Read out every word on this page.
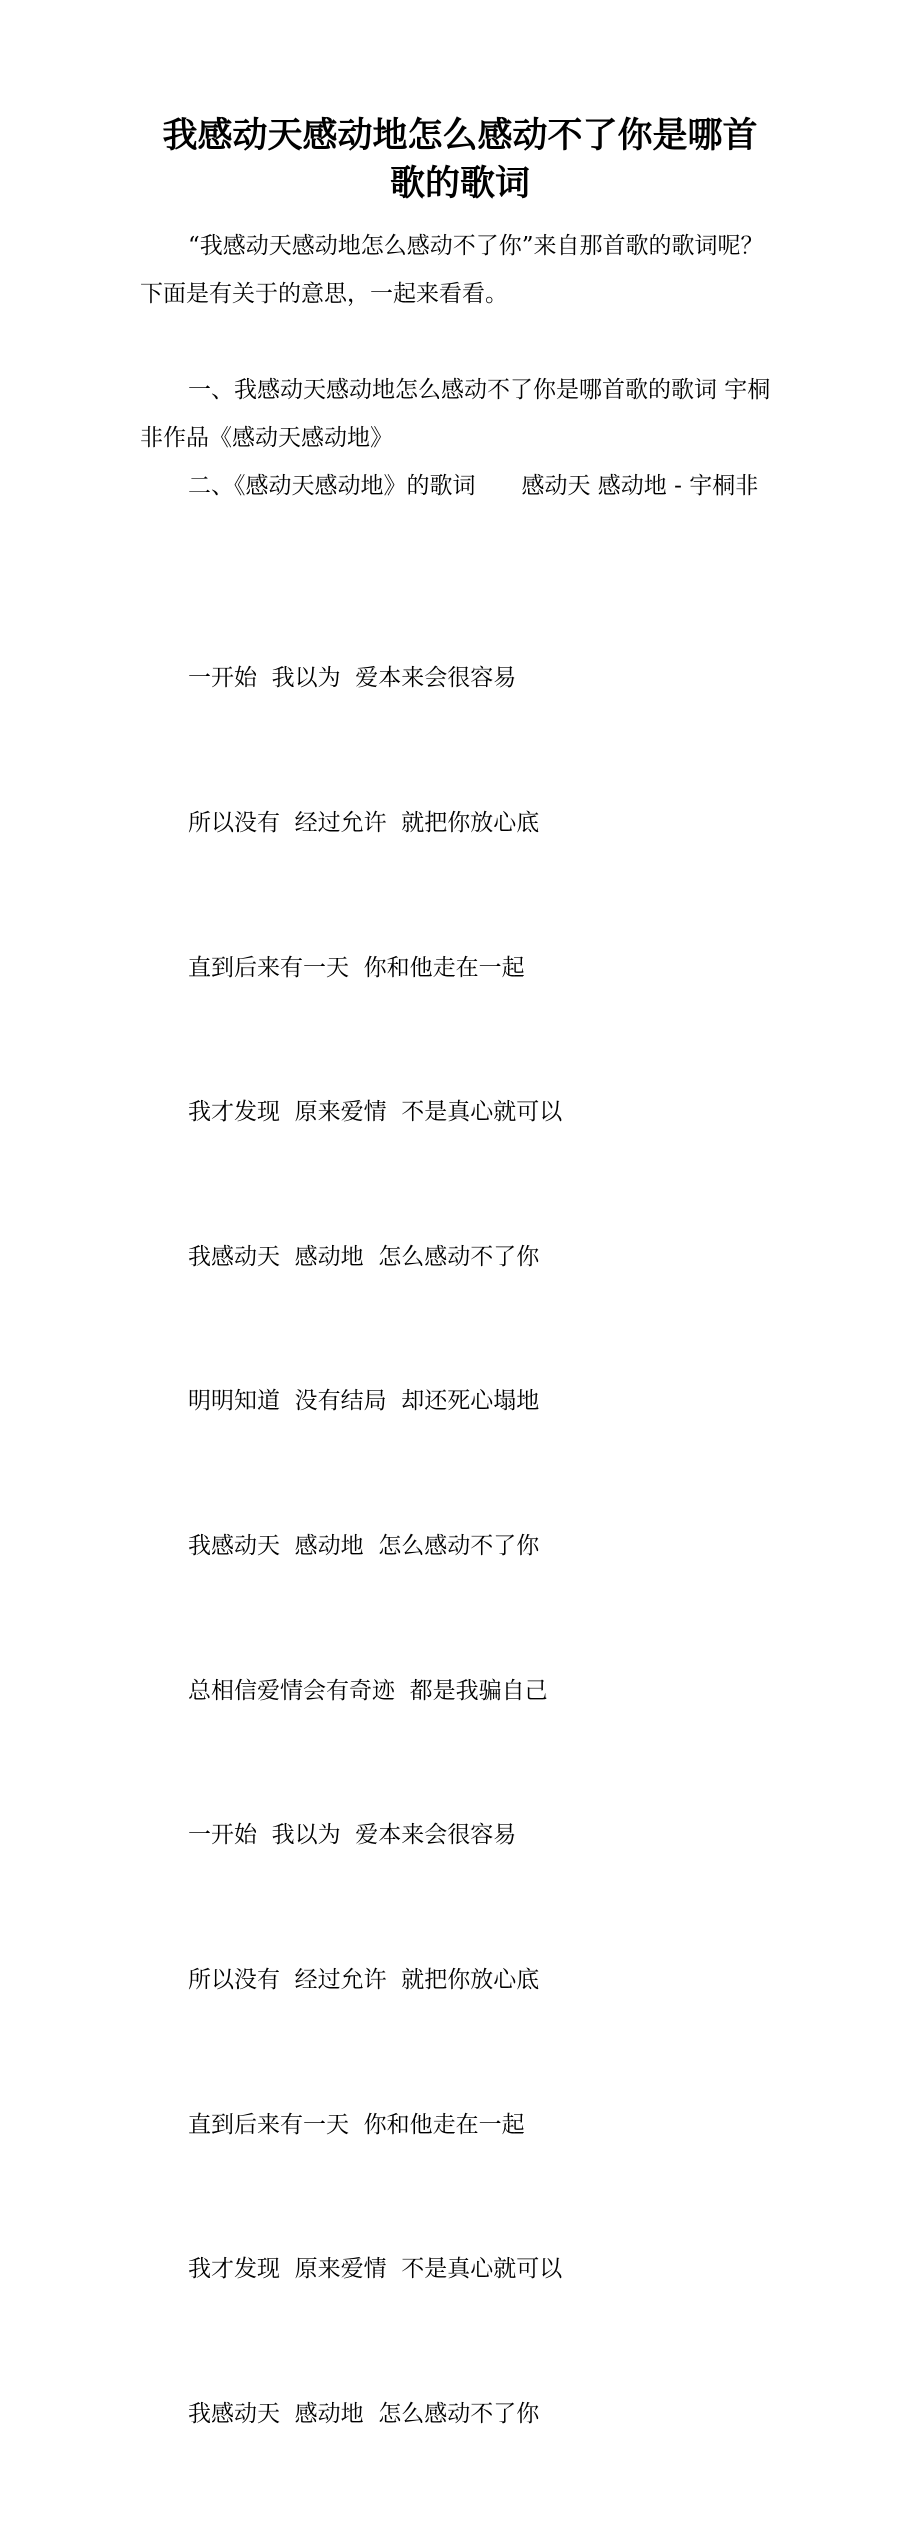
我感动天感动地怎么感动不了你是哪首
歌的歌词

“我感动天感动地怎么感动不了你”来自那首歌的歌词呢？下面是有关于的意思，一起来看看。

一、我感动天感动地怎么感动不了你是哪首歌的歌词 宇桐非作品《感动天感动地》

二、《感动天感动地》的歌词　　感动天 感动地 - 宇桐非

一开始  我以为  爱本来会很容易

所以没有  经过允许  就把你放心底

直到后来有一天  你和他走在一起

我才发现  原来爱情  不是真心就可以

我感动天  感动地  怎么感动不了你

明明知道  没有结局  却还死心塌地

我感动天  感动地  怎么感动不了你

总相信爱情会有奇迹  都是我骗自己

一开始  我以为  爱本来会很容易

所以没有  经过允许  就把你放心底

直到后来有一天  你和他走在一起

我才发现  原来爱情  不是真心就可以

我感动天  感动地  怎么感动不了你
